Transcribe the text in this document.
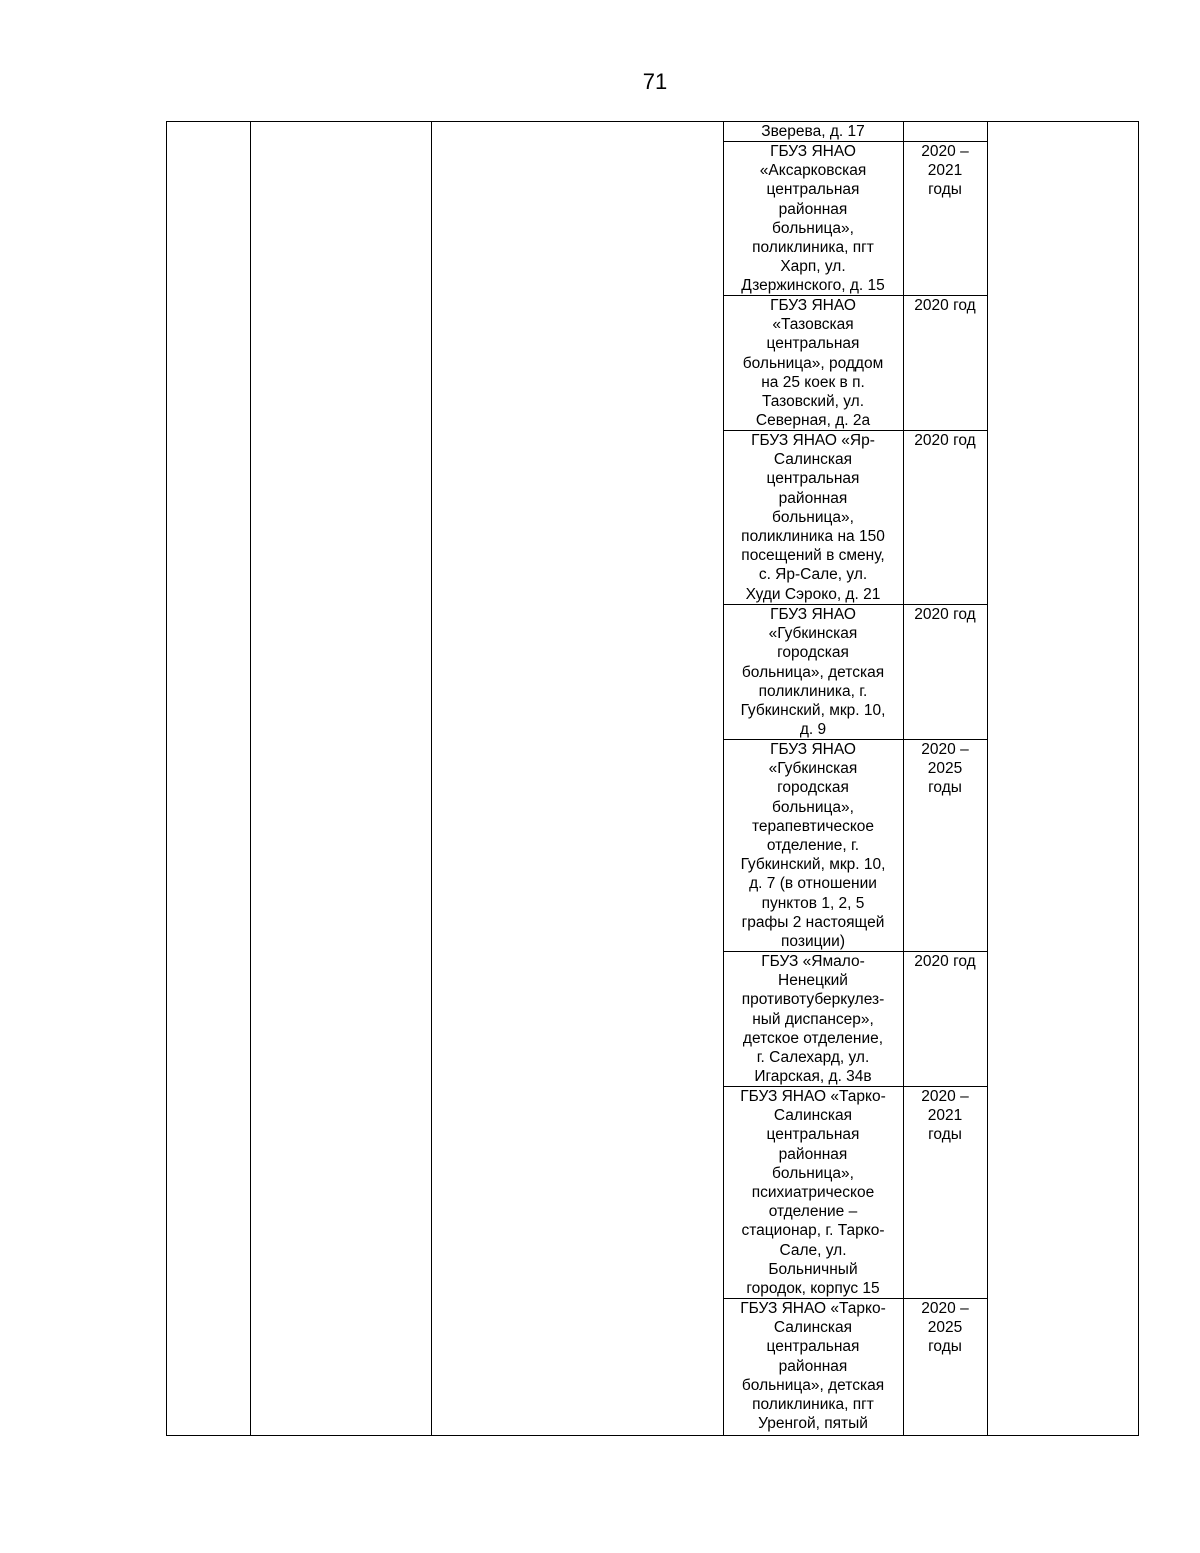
71
Зверева, д. 17
ГБУЗ ЯНАО
«Аксарковская
центральная
районная
больница»,
поликлиника, пгт
Харп, ул.
Дзержинского, д. 15
ГБУЗ ЯНАО
«Тазовская
центральная
больница», роддом
на 25 коек в п.
Тазовский, ул.
Северная, д. 2а
ГБУЗ ЯНАО «Яр-
Салинская
центральная
районная
больница»,
поликлиника на 150
посещений в смену,
с. Яр-Сале, ул.
Худи Сэроко, д. 21
ГБУЗ ЯНАО
«Губкинская
городская
больница», детская
поликлиника, г.
Губкинский, мкр. 10,
д. 9
ГБУЗ ЯНАО
«Губкинская
городская
больница»,
терапевтическое
отделение, г.
Губкинский, мкр. 10,
д. 7 (в отношении
пунктов 1, 2, 5
графы 2 настоящей
позиции)
ГБУЗ «Ямало-
Ненецкий
противотуберкулез-
ный диспансер»,
детское отделение,
г. Салехард, ул.
Игарская, д. 34в
ГБУЗ ЯНАО «Тарко-
Салинская
центральная
районная
больница»,
психиатрическое
отделение –
стационар, г. Тарко-
Сале, ул.
Больничный
городок, корпус 15
ГБУЗ ЯНАО «Тарко-
Салинская
центральная
районная
больница», детская
поликлиника, пгт
Уренгой, пятый
2020 –
2021
годы
2020 год
2020 год
2020 год
2020 –
2025
годы
2020 год
2020 –
2021
годы
2020 –
2025
годы
